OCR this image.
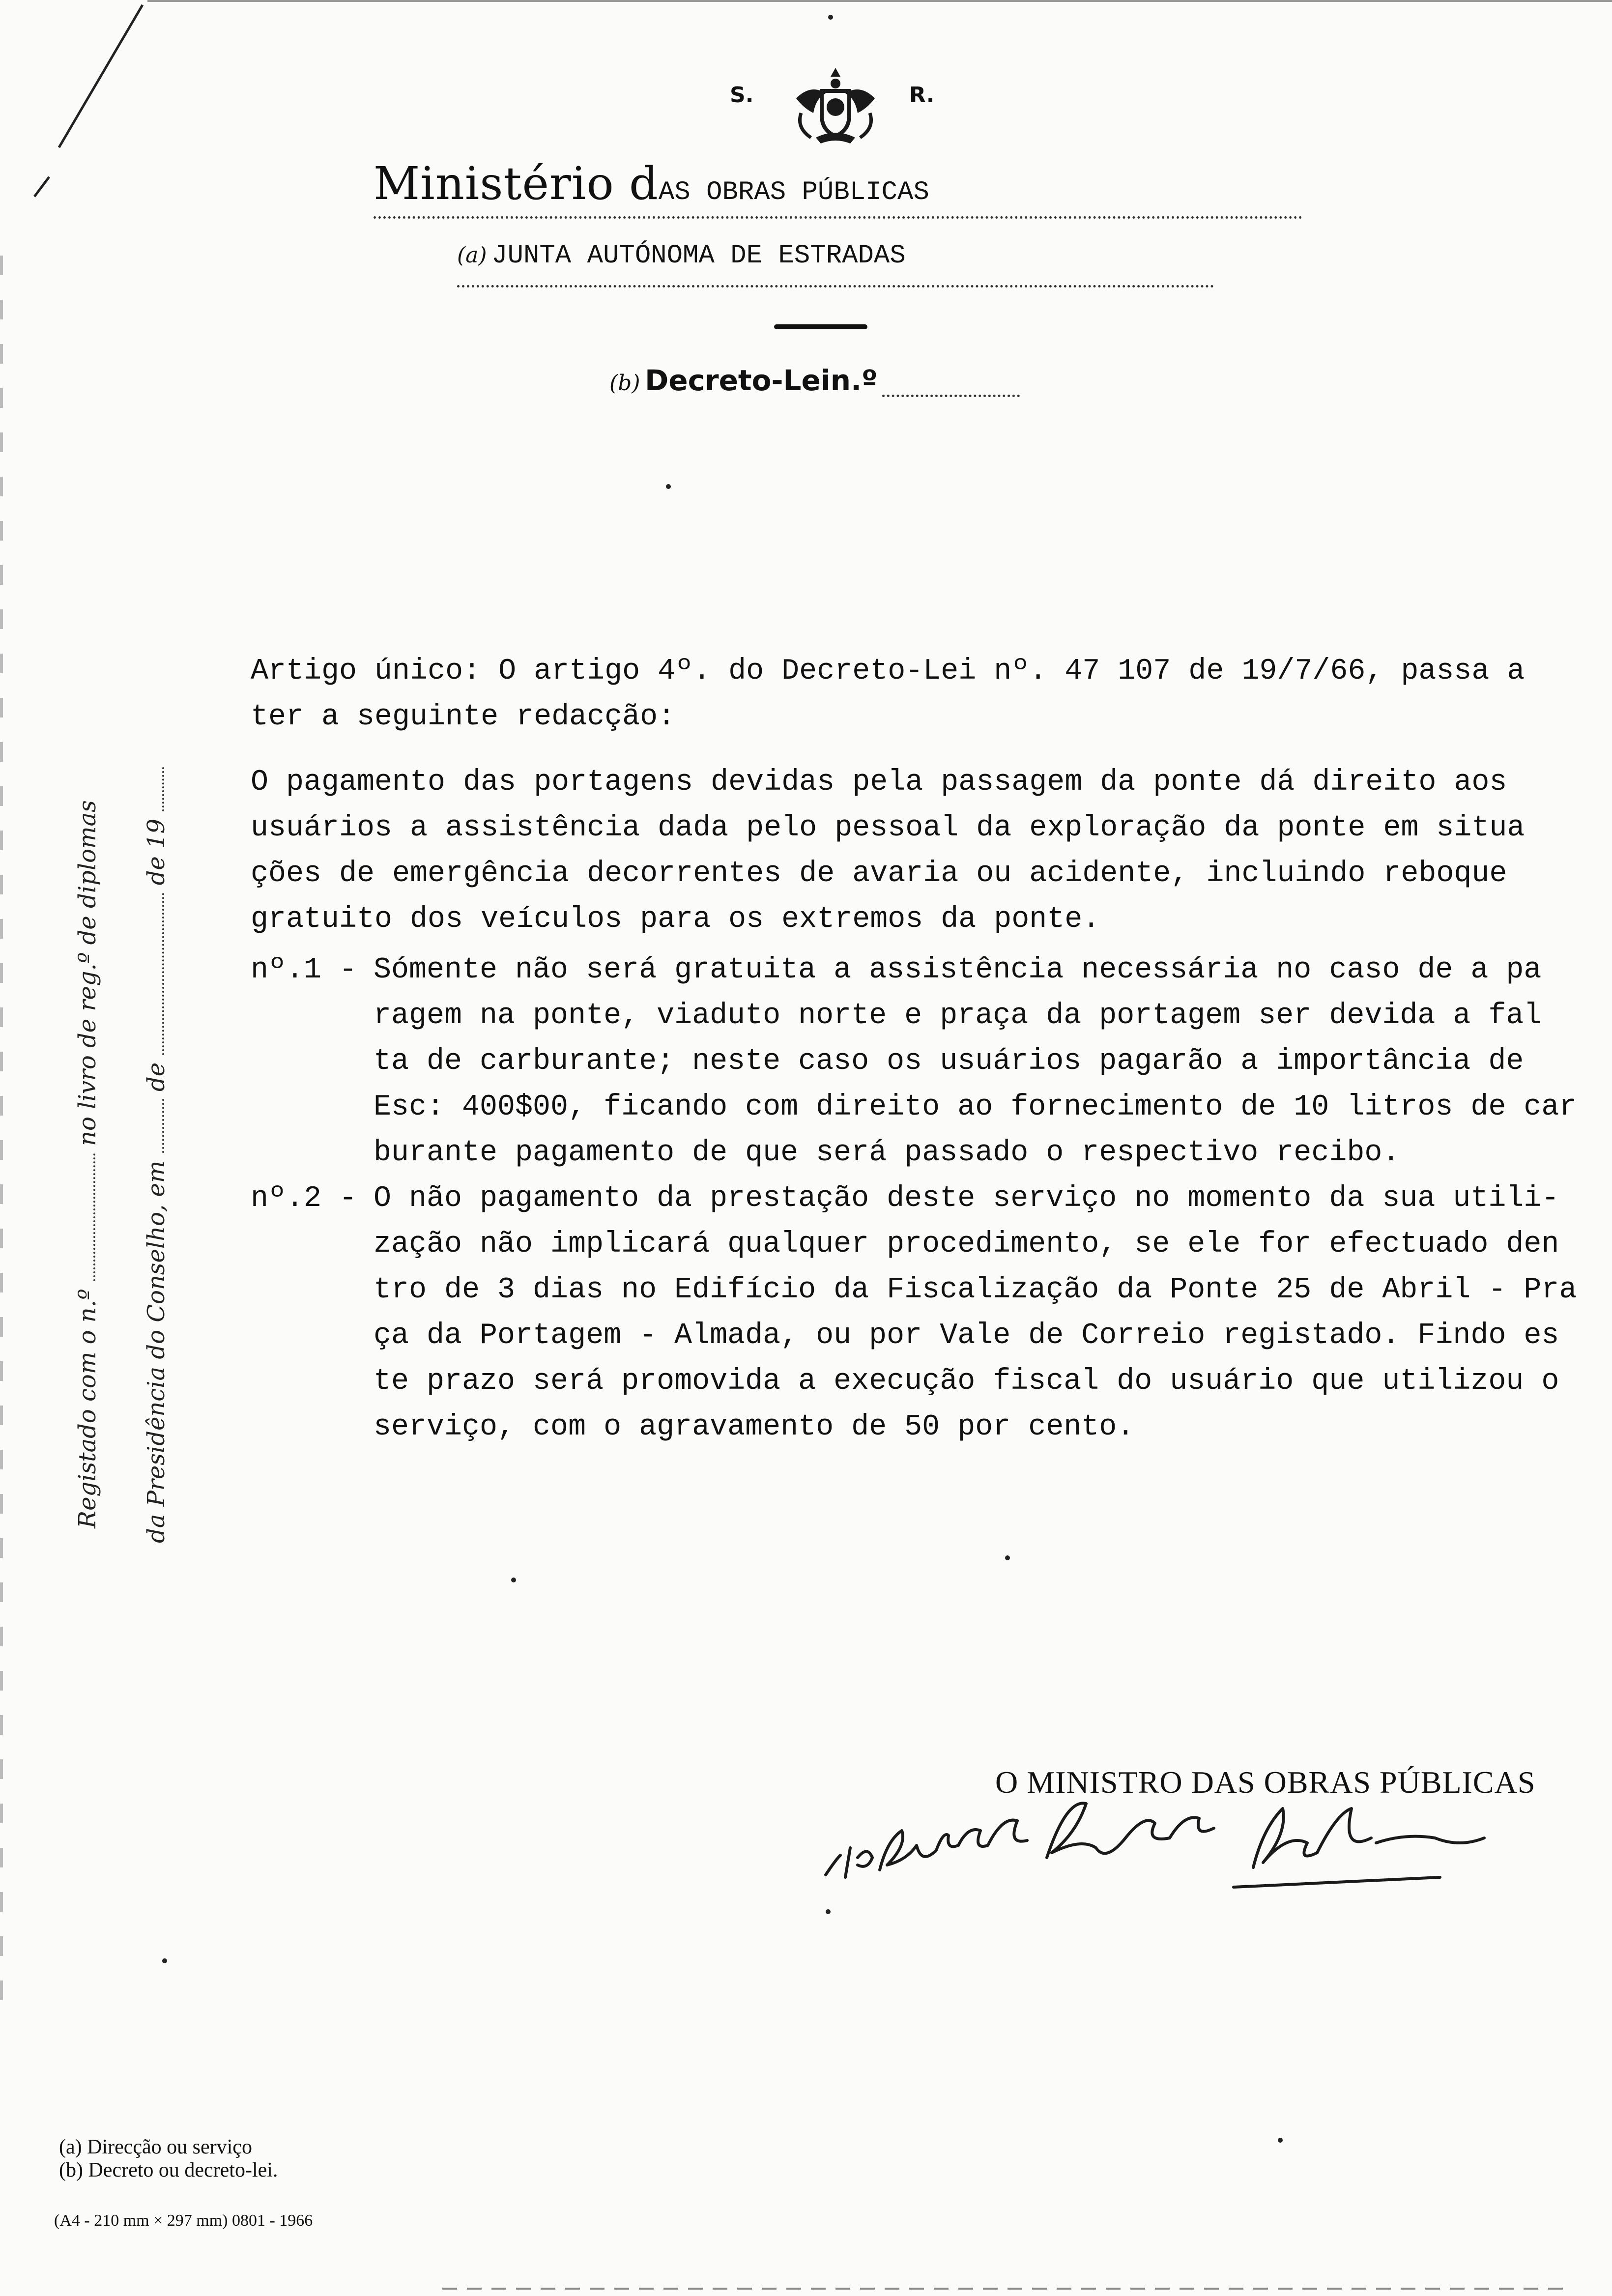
S.	R.
Ministério dAS OBRAS PÚBLICAS
(a) JUNTA AUTÓNOMA DE ESTRADAS
(b) Decreto-Lein.º
Registado com o n.º  no livro de reg.º de diplomas
da Presidência do Conselho, em  de  de 19

Artigo único: O artigo 4º. do Decreto-Lei nº. 47 107 de 19/7/66, passa a

ter a seguinte redacção:

O pagamento das portagens devidas pela passagem da ponte dá direito aos

usuários a assistência dada pelo pessoal da exploração da ponte em situa

ções de emergência decorrentes de avaria ou acidente, incluindo reboque

gratuito dos veículos para os extremos da ponte.

nº.1 - Sómente não será gratuita a assistência necessária no caso de a pa

ragem na ponte, viaduto norte e praça da portagem ser devida a fal

ta de carburante; neste caso os usuários pagarão a importância de

Esc: 400$00, ficando com direito ao fornecimento de 10 litros de car

burante pagamento de que será passado o respectivo recibo.

nº.2 - O não pagamento da prestação deste serviço no momento da sua utili-

zação não implicará qualquer procedimento, se ele for efectuado den

tro de 3 dias no Edifício da Fiscalização da Ponte 25 de Abril - Pra

ça da Portagem - Almada, ou por Vale de Correio registado. Findo es

te prazo será promovida a execução fiscal do usuário que utilizou o

serviço, com o agravamento de 50 por cento.

O MINISTRO DAS OBRAS PÚBLICAS
(a) Direcção ou serviço
(b) Decreto ou decreto-lei.
(A4 - 210 mm × 297 mm) 0801 - 1966
